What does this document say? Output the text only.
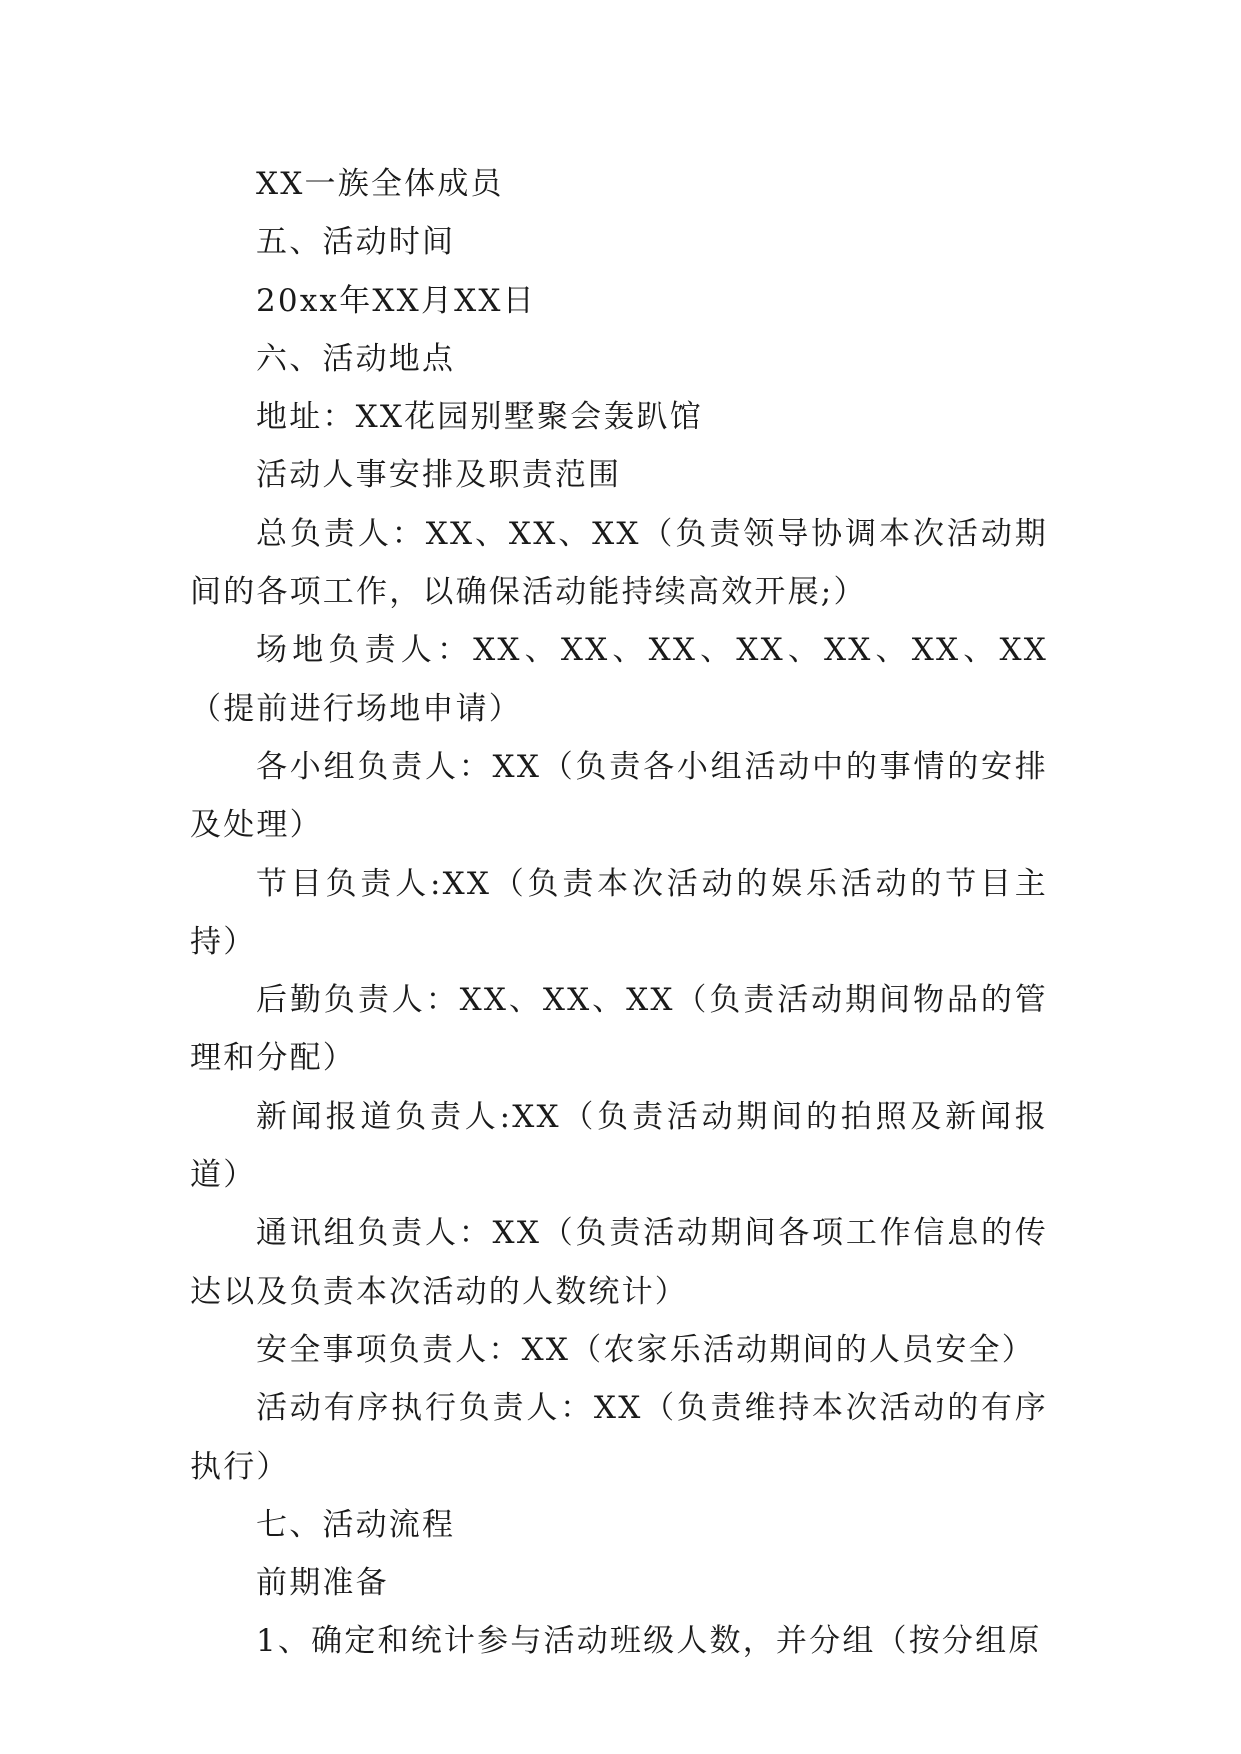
XX一族全体成员

五、活动时间

20xx年XX月XX日

六、活动地点

地址：XX花园别墅聚会轰趴馆

活动人事安排及职责范围

总负责人：XX、XX、XX（负责领导协调本次活动期间的各项工作，以确保活动能持续高效开展;）

场地负责人：XX、XX、XX、XX、XX、XX、XX（提前进行场地申请）

各小组负责人：XX（负责各小组活动中的事情的安排及处理）

节目负责人:XX（负责本次活动的娱乐活动的节目主持）

后勤负责人：XX、XX、XX（负责活动期间物品的管理和分配）

新闻报道负责人:XX（负责活动期间的拍照及新闻报道）

通讯组负责人：XX（负责活动期间各项工作信息的传达以及负责本次活动的人数统计）

安全事项负责人：XX（农家乐活动期间的人员安全）

活动有序执行负责人：XX（负责维持本次活动的有序执行）

七、活动流程

前期准备

1、确定和统计参与活动班级人数，并分组（按分组原
